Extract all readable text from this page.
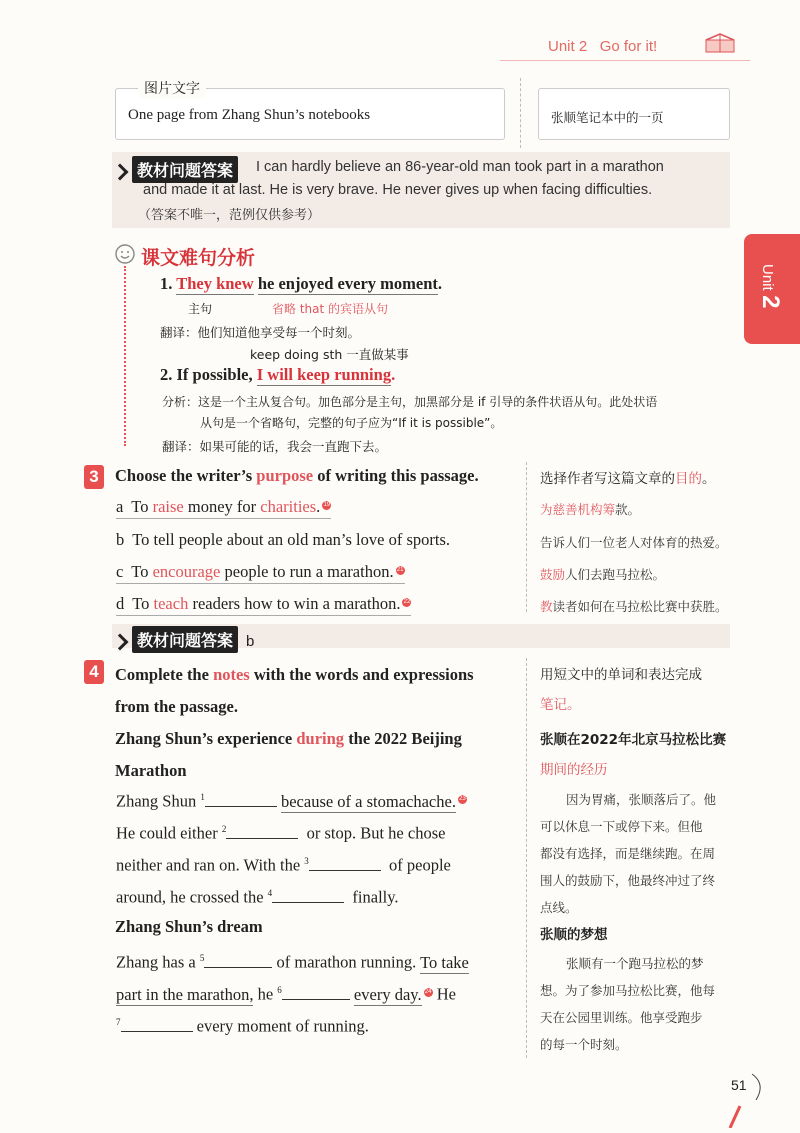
Unit 2 Go for it!
Unit 2
图片文字
One page from Zhang Shun’s notebooks	张顺笔记本中的一页
教材问题答案	I can hardly believe an 86-year-old man took part in a marathon
and made it at last. He is very brave. He never gives up when facing difficulties.
（答案不唯一，范例仅供参考）
课文难句分析
1. They knew he enjoyed every moment.
主句	省略 that 的宾语从句
翻译：他们知道他享受每一个时刻。
keep doing sth 一直做某事
2. If possible, I will keep running.
分析：这是一个主从复合句。加色部分是主句，加黑部分是 if 引导的条件状语从句。此处状语
从句是一个省略句，完整的句子应为“If it is possible”。
翻译：如果可能的话，我会一直跑下去。
3 Choose the writer’s purpose of writing this passage.	选择作者写这篇文章的目的。
a To raise money for charities. 19	为慈善机构筹款。
b To tell people about an old man’s love of sports.	告诉人们一位老人对体育的热爱。
c To encourage people to run a marathon. 21	鼓励人们去跑马拉松。
d To teach readers how to win a marathon. 22	教读者如何在马拉松比赛中获胜。
教材问题答案 b
4 Complete the notes with the words and expressions
from the passage.
用短文中的单词和表达完成
笔记。
Zhang Shun’s experience during the 2022 Beijing
Marathon
张顺在2022年北京马拉松比赛
期间的经历
Zhang Shun $^1$	because of a stomachache. 23
He could either $^2$	or stop. But he chose
neither and ran on. With the $^3$	of people
around, he crossed the $^4$	finally.
因为胃痛，张顺落后了。他
可以休息一下或停下来。但他
都没有选择，而是继续跑。在周
围人的鼓励下，他最终冲过了终
点线。
Zhang Shun’s dream	张顺的梦想
Zhang has a $^5$	of marathon running. To take
part in the marathon, he $^6$	every day. 24 He
$^7$	every moment of running.
张顺有一个跑马拉松的梦
想。为了参加马拉松比赛，他每
天在公园里训练。他享受跑步
的每一个时刻。
51
